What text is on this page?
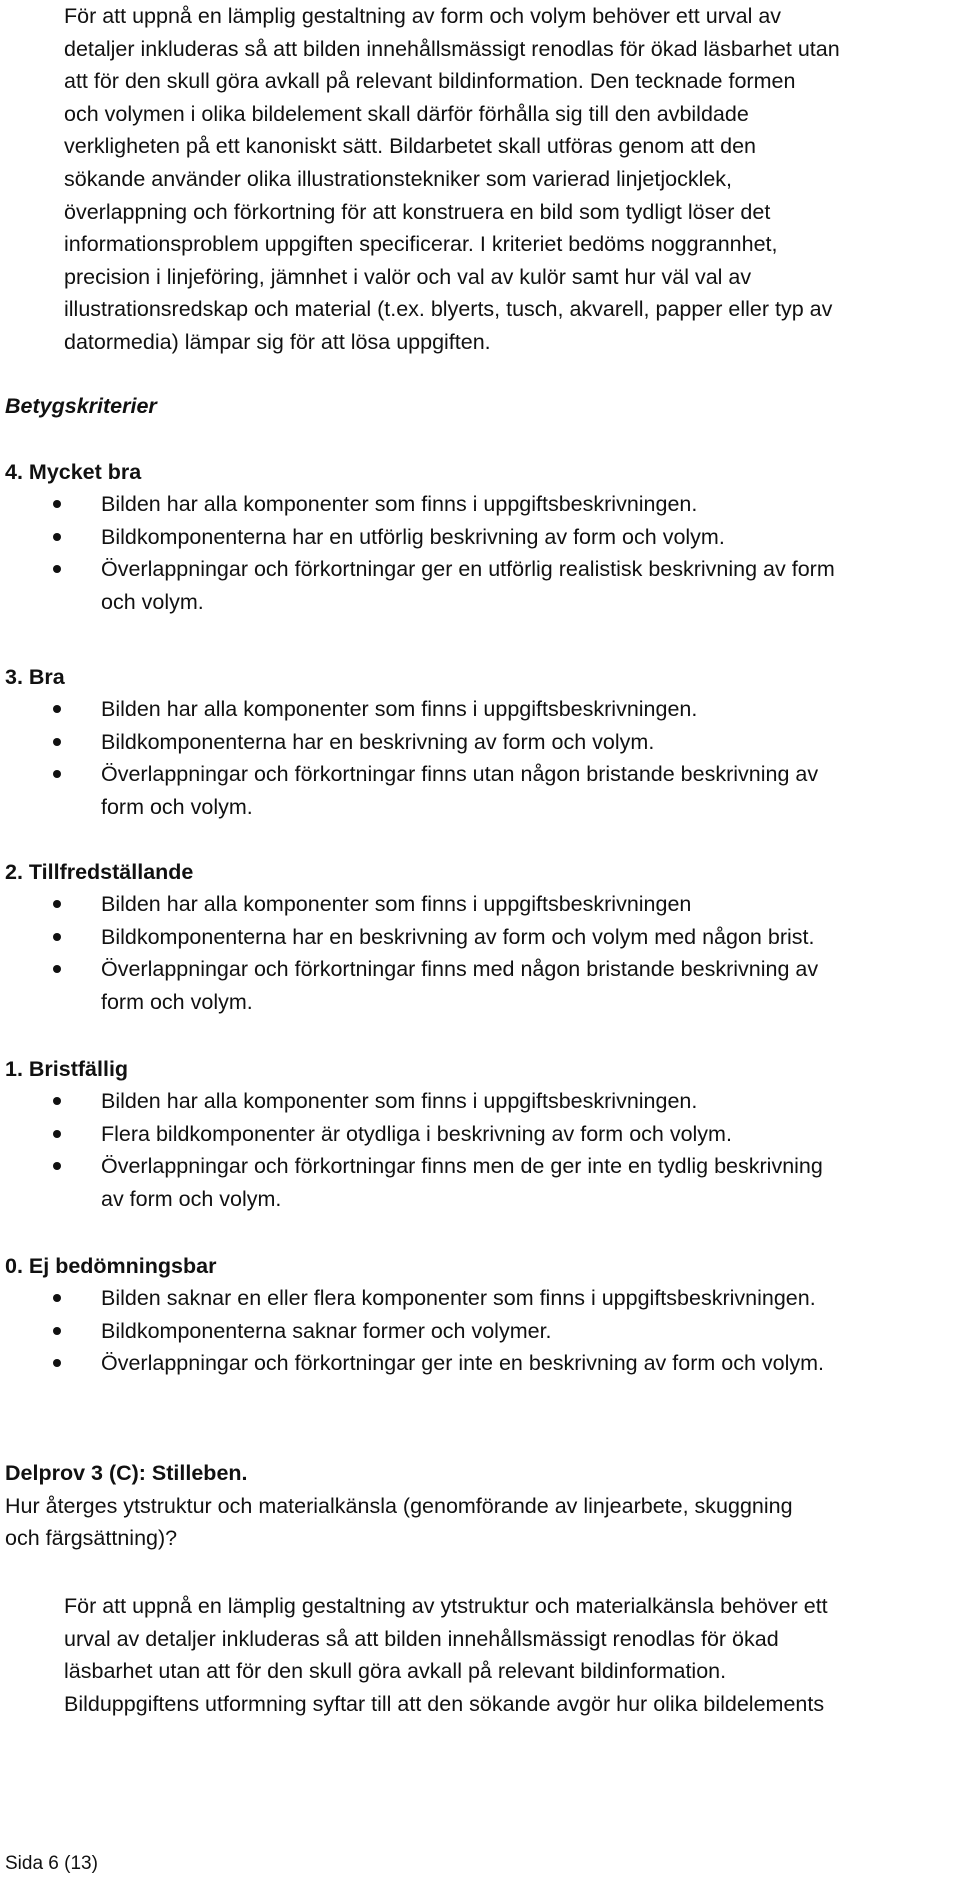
För att uppnå en lämplig gestaltning av form och volym behöver ett urval av
detaljer inkluderas så att bilden innehållsmässigt renodlas för ökad läsbarhet utan
att för den skull göra avkall på relevant bildinformation. Den tecknade formen
och volymen i olika bildelement skall därför förhålla sig till den avbildade
verkligheten på ett kanoniskt sätt. Bildarbetet skall utföras genom att den
sökande använder olika illustrationstekniker som varierad linjetjocklek,
överlappning och förkortning för att konstruera en bild som tydligt löser det
informationsproblem uppgiften specificerar. I kriteriet bedöms noggrannhet,
precision i linjeföring, jämnhet i valör och val av kulör samt hur väl val av
illustrationsredskap och material (t.ex. blyerts, tusch, akvarell, papper eller typ av
datormedia) lämpar sig för att lösa uppgiften.
Betygskriterier
4. Mycket bra
Bilden har alla komponenter som finns i uppgiftsbeskrivningen.
Bildkomponenterna har en utförlig beskrivning av form och volym.
Överlappningar och förkortningar ger en utförlig realistisk beskrivning av form
och volym.
3. Bra
Bilden har alla komponenter som finns i uppgiftsbeskrivningen.
Bildkomponenterna har en beskrivning av form och volym.
Överlappningar och förkortningar finns utan någon bristande beskrivning av
form och volym.
2. Tillfredställande
Bilden har alla komponenter som finns i uppgiftsbeskrivningen
Bildkomponenterna har en beskrivning av form och volym med någon brist.
Överlappningar och förkortningar finns med någon bristande beskrivning av
form och volym.
1. Bristfällig
Bilden har alla komponenter som finns i uppgiftsbeskrivningen.
Flera bildkomponenter är otydliga i beskrivning av form och volym.
Överlappningar och förkortningar finns men de ger inte en tydlig beskrivning
av form och volym.
0. Ej bedömningsbar
Bilden saknar en eller flera komponenter som finns i uppgiftsbeskrivningen.
Bildkomponenterna saknar former och volymer.
Överlappningar och förkortningar ger inte en beskrivning av form och volym.
Delprov 3 (C): Stilleben.
Hur återges ytstruktur och materialkänsla (genomförande av linjearbete, skuggning
och färgsättning)?
För att uppnå en lämplig gestaltning av ytstruktur och materialkänsla behöver ett
urval av detaljer inkluderas så att bilden innehållsmässigt renodlas för ökad
läsbarhet utan att för den skull göra avkall på relevant bildinformation.
Bilduppgiftens utformning syftar till att den sökande avgör hur olika bildelements
Sida 6 (13)
